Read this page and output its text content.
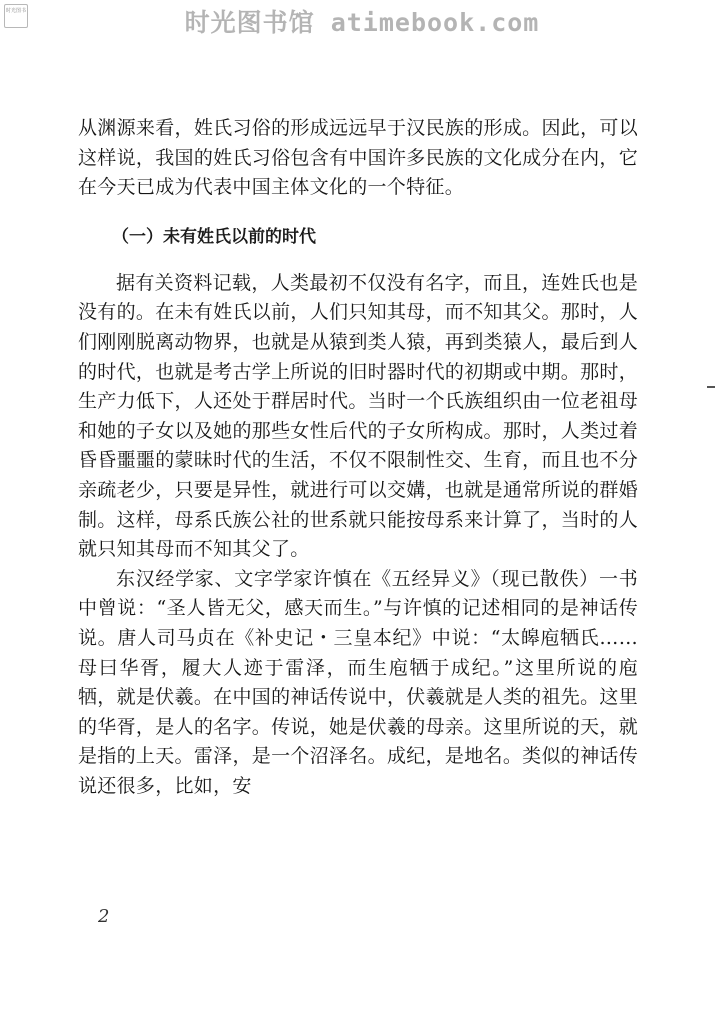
时光图书	时光图书馆 atimebook.com

从渊源来看，姓氏习俗的形成远远早于汉民族的形成。因此，可以这样说，我国的姓氏习俗包含有中国许多民族的文化成分在内，它在今天已成为代表中国主体文化的一个特征。

（一）未有姓氏以前的时代

据有关资料记载，人类最初不仅没有名字，而且，连姓氏也是没有的。在未有姓氏以前，人们只知其母，而不知其父。那时，人们刚刚脱离动物界，也就是从猿到类人猿，再到类猿人，最后到人的时代，也就是考古学上所说的旧时器时代的初期或中期。那时，生产力低下，人还处于群居时代。当时一个氏族组织由一位老祖母和她的子女以及她的那些女性后代的子女所构成。那时，人类过着昏昏噩噩的蒙昧时代的生活，不仅不限制性交、生育，而且也不分亲疏老少，只要是异性，就进行可以交媾，也就是通常所说的群婚制。这样，母系氏族公社的世系就只能按母系来计算了，当时的人就只知其母而不知其父了。

东汉经学家、文字学家许慎在《五经异义》（现已散佚）一书中曾说：“圣人皆无父，感天而生。”与许慎的记述相同的是神话传说。唐人司马贞在《补史记・三皇本纪》中说：“太皞庖牺氏……母曰华胥，履大人迹于雷泽，而生庖牺于成纪。”这里所说的庖牺，就是伏羲。在中国的神话传说中，伏羲就是人类的祖先。这里的华胥，是人的名字。传说，她是伏羲的母亲。这里所说的天，就是指的上天。雷泽，是一个沼泽名。成纪，是地名。类似的神话传说还很多，比如，安

2
